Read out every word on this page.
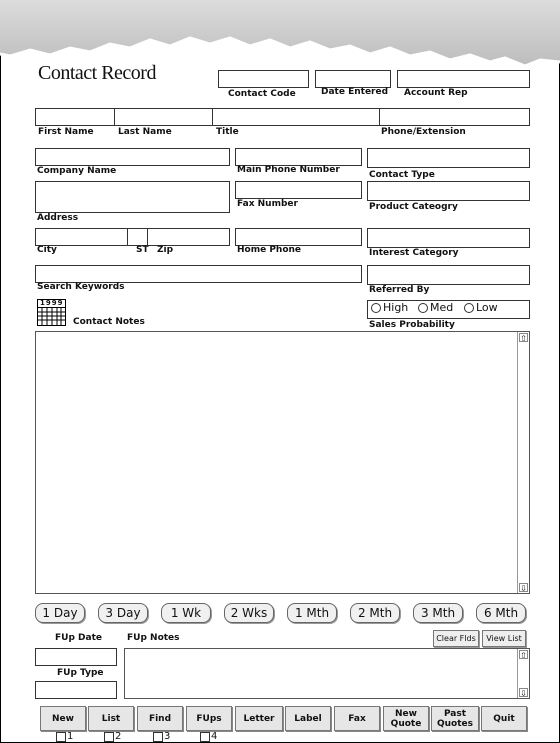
Contact Record
Contact Code	Date Entered Account Rep
First Name	Last Name	Title	Phone/Extension
Company Name	Main Phone Number	Contact Type
Address
Fax Number	Product Cateogry
City	ST Zip	Home Phone	Interest Category
Search Keywords	Referred By
1999
Contact Notes
High Med Low
Sales Probability
⇧
⇩
1 Day	3 Day	1 Wk	2 Wks	1 Mth	2 Mth	3 Mth	6 Mth
FUp Date	FUp Notes	Clear Flds	View List
FUp Type
⇧
⇩
New	List	Find	FUps Letter Label	Fax	New
Quote
Past
Quotes Quit
1	2	3	4
